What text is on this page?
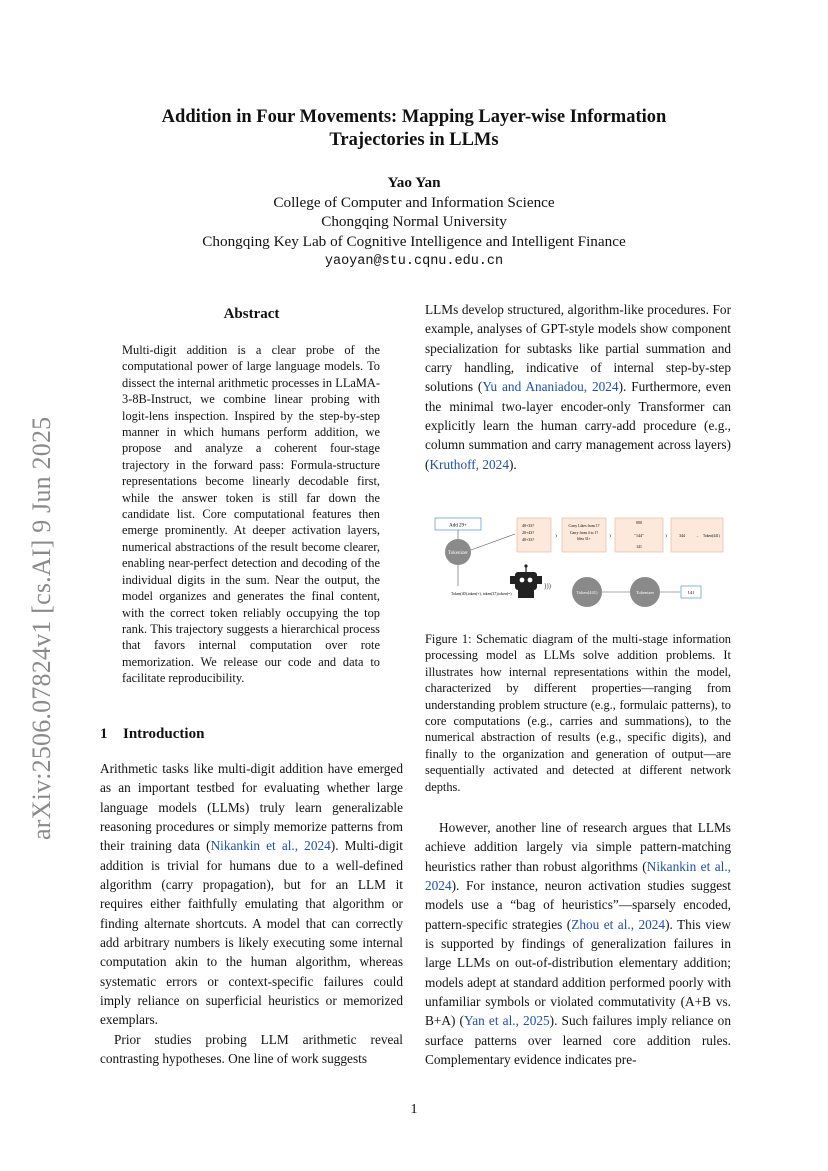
arXiv:2506.07824v1 [cs.AI] 9 Jun 2025
Addition in Four Movements: Mapping Layer-wise Information
Trajectories in LLMs
Yao Yan
College of Computer and Information Science
Chongqing Normal University
Chongqing Key Lab of Cognitive Intelligence and Intelligent Finance
yaoyan@stu.cqnu.edu.cn
Abstract
Multi-digit addition is a clear probe of the computational power of large language models. To dissect the internal arithmetic processes in LLaMA-3-8B-Instruct, we combine linear probing with logit-lens inspection. Inspired by the step-by-step manner in which humans perform addition, we propose and analyze a coherent four-stage trajectory in the forward pass: Formula-structure representations become linearly decodable first, while the answer token is still far down the candidate list. Core computational features then emerge prominently. At deeper activation layers, numerical abstractions of the result become clearer, enabling near-perfect detection and decoding of the individual digits in the sum. Near the output, the model organizes and generates the final content, with the correct token reliably occupying the top rank. This trajectory suggests a hierarchical process that favors internal computation over rote memorization. We release our code and data to facilitate reproducibility.
1 Introduction

Arithmetic tasks like multi-digit addition have emerged as an important testbed for evaluating whether large language models (LLMs) truly learn generalizable reasoning procedures or simply memorize patterns from their training data (Nikankin et al., 2024). Multi-digit addition is trivial for humans due to a well-defined algorithm (carry propagation), but for an LLM it requires either faithfully emulating that algorithm or finding alternate shortcuts. A model that can correctly add arbitrary numbers is likely executing some internal computation akin to the human algorithm, whereas systematic errors or context-specific failures could imply reliance on superficial heuristics or memorized exemplars.

Prior studies probing LLM arithmetic reveal contrasting hypotheses. One line of work suggests

LLMs develop structured, algorithm-like procedures. For example, analyses of GPT-style models show component specialization for subtasks like partial summation and carry handling, indicative of internal step-by-step solutions (Yu and Ananiadou, 2024). Furthermore, even the minimal two-layer encoder-only Transformer can explicitly learn the human carry-add procedure (e.g., column summation and carry management across layers) (Kruthoff, 2024).

Add 29+
Tokenizer
Token(40),token(+), token(37),token(=)
40+33?
20+43?
40+33?	›
Carry Likes from 1?
Carry from 4 to 1?
Idea 31+ ›
000
"144"
141
›	344	→ Token(441)
)))
Token(441)	Tokenizer	141
Figure 1: Schematic diagram of the multi-stage information processing model as LLMs solve addition problems. It illustrates how internal representations within the model, characterized by different properties—ranging from understanding problem structure (e.g., formulaic patterns), to core computations (e.g., carries and summations), to the numerical abstraction of results (e.g., specific digits), and finally to the organization and generation of output—are sequentially activated and detected at different network depths.

However, another line of research argues that LLMs achieve addition largely via simple pattern-matching heuristics rather than robust algorithms (Nikankin et al., 2024). For instance, neuron activation studies suggest models use a “bag of heuristics”—sparsely encoded, pattern-specific strategies (Zhou et al., 2024). This view is supported by findings of generalization failures in large LLMs on out-of-distribution elementary addition; models adept at standard addition performed poorly with unfamiliar symbols or violated commutativity (A+B vs. B+A) (Yan et al., 2025). Such failures imply reliance on surface patterns over learned core addition rules. Complementary evidence indicates pre-

1
